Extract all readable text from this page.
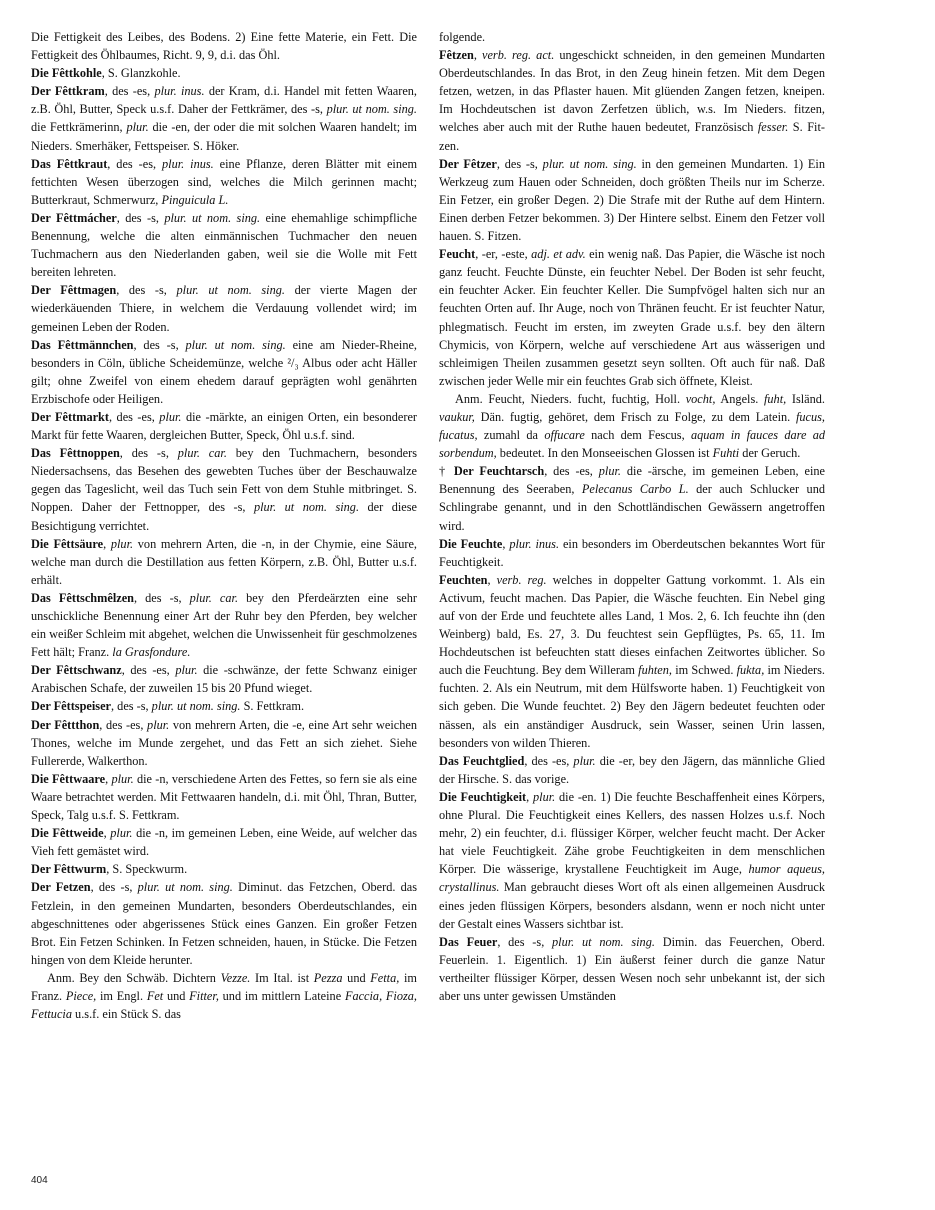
Die Fettigkeit des Leibes, des Bodens. 2) Eine fette Materie, ein Fett. Die Fettigkeit des Öhlbaumes, Richt. 9, 9, d.i. das Öhl.

Die Fêttkohle, S. Glanzkohle.

Der Fêttkram, des -es, plur. inus. der Kram, d.i. Handel mit fetten Waaren, z.B. Öhl, Butter, Speck u.s.f. Daher der Fettkrämer, des -s, plur. ut nom. sing. die Fettkrämerinn, plur. die -en, der oder die mit solchen Waaren handelt; im Nieders. Smerhäker, Fettspeiser. S. Höker.

Das Fêttkraut, des -es, plur. inus. eine Pflanze, deren Blätter mit einem fettichten Wesen überzogen sind, welches die Milch gerinnen macht; Butterkraut, Schmerwurz, Pinguicula L.

Der Fêttmácher, des -s, plur. ut nom. sing. eine ehemahlige schimpfliche Benennung, welche die alten einmännischen Tuchmacher den neuen Tuchmachern aus den Niederlanden gaben, weil sie die Wolle mit Fett bereiten lehreten.

Der Fêttmagen, des -s, plur. ut nom. sing. der vierte Magen der wiederkäuenden Thiere, in welchem die Verdauung vollendet wird; im gemeinen Leben der Roden.

Das Fêttmännchen, des -s, plur. ut nom. sing. eine am Nieder-Rheine, besonders in Cöln, übliche Scheidemünze, welche ²/₃ Albus oder acht Häller gilt; ohne Zweifel von einem ehedem darauf geprägten wohl genährten Erzbischofe oder Heiligen.

Der Fêttmarkt, des -es, plur. die -märkte, an einigen Orten, ein besonderer Markt für fette Waaren, dergleichen Butter, Speck, Öhl u.s.f. sind.

Das Fêttnoppen, des -s, plur. car. bey den Tuchmachern, besonders Niedersachsens, das Besehen des gewebten Tuches über der Beschauwalze gegen das Tageslicht, weil das Tuch sein Fett von dem Stuhle mitbringet. S. Noppen. Daher der Fettnopper, des -s, plur. ut nom. sing. der diese Besichtigung verrichtet.

Die Fêttsäure, plur. von mehrern Arten, die -n, in der Chymie, eine Säure, welche man durch die Destillation aus fetten Körpern, z.B. Öhl, Butter u.s.f. erhält.

Das Fêttschmêlzen, des -s, plur. car. bey den Pferdeärzten eine sehr unschickliche Benennung einer Art der Ruhr bey den Pferden, bey welcher ein weißer Schleim mit abgehet, welchen die Unwissenheit für geschmolzenes Fett hält; Franz. la Grasfondure.

Der Fêttschwanz, des -es, plur. die -schwänze, der fette Schwanz einiger Arabischen Schafe, der zuweilen 15 bis 20 Pfund wieget.

Der Fêttspeiser, des -s, plur. ut nom. sing. S. Fettkram.

Der Fêttthon, des -es, plur. von mehrern Arten, die -e, eine Art sehr weichen Thones, welche im Munde zergehet, und das Fett an sich ziehet. Siehe Fullererde, Walkerthon.

Die Fêttwaare, plur. die -n, verschiedene Arten des Fettes, so fern sie als eine Waare betrachtet werden. Mit Fettwaaren handeln, d.i. mit Öhl, Thran, Butter, Speck, Talg u.s.f. S. Fettkram.

Die Fêttweide, plur. die -n, im gemeinen Leben, eine Weide, auf welcher das Vieh fett gemästet wird.

Der Fêttwurm, S. Speckwurm.

Der Fetzen, des -s, plur. ut nom. sing. Diminut. das Fetzchen, Oberd. das Fetzlein, in den gemeinen Mundarten, besonders Oberdeutschlandes, ein abgeschnittenes oder abgerissenes Stück eines Ganzen. Ein großer Fetzen Brot. Ein Fetzen Schinken. In Fetzen schneiden, hauen, in Stücke. Die Fetzen hingen von dem Kleide herunter.

Anm. Bey den Schwäb. Dichtern Vezze. Im Ital. ist Pezza und Fetta, im Franz. Piece, im Engl. Fet und Fitter, und im mittlern Lateine Faccia, Fioza, Fettucia u.s.f. ein Stück S. das

folgende.

Fêtzen, verb. reg. act. ungeschickt schneiden, in den gemeinen Mundarten Oberdeutschlandes. In das Brot, in den Zeug hinein fetzen. Mit dem Degen fetzen, wetzen, in das Pflaster hauen. Mit glüenden Zangen fetzen, kneipen. Im Hochdeutschen ist davon Zerfetzen üblich, w.s. Im Nieders. fitzen, welches aber auch mit der Ruthe hauen bedeutet, Französisch fesser. S. Fitzen.

Der Fêtzer, des -s, plur. ut nom. sing. in den gemeinen Mundarten. 1) Ein Werkzeug zum Hauen oder Schneiden, doch größten Theils nur im Scherze. Ein Fetzer, ein großer Degen. 2) Die Strafe mit der Ruthe auf dem Hintern. Einen derben Fetzer bekommen. 3) Der Hintere selbst. Einem den Fetzer voll hauen. S. Fitzen.

Feucht, -er, -este, adj. et adv. ein wenig naß. Das Papier, die Wäsche ist noch ganz feucht. Feuchte Dünste, ein feuchter Nebel. Der Boden ist sehr feucht, ein feuchter Acker. Ein feuchter Keller. Die Sumpfvögel halten sich nur an feuchten Orten auf. Ihr Auge, noch von Thränen feucht. Er ist feuchter Natur, phlegmatisch. Feucht im ersten, im zweyten Grade u.s.f. bey den ältern Chymicis, von Körpern, welche auf verschiedene Art aus wässerigen und schleimigen Theilen zusammen gesetzt seyn sollten. Oft auch für naß. Daß zwischen jeder Welle mir ein feuchtes Grab sich öffnete, Kleist.

Anm. Feucht, Nieders. fucht, fuchtig, Holl. vocht, Angels. fuht, Isländ. vaukur, Dän. fugtig, gehöret, dem Frisch zu Folge, zu dem Latein. fucus, fucatus, zumahl da offucare nach dem Fescus, aquam in fauces dare ad sorbendum, bedeutet. In den Monseeischen Glossen ist Fuhti der Geruch.

† Der Feuchtarsch, des -es, plur. die -ärsche, im gemeinen Leben, eine Benennung des Seeraben, Pelecanus Carbo L. der auch Schlucker und Schlingrabe genannt, und in den Schottländischen Gewässern angetroffen wird.

Die Feuchte, plur. inus. ein besonders im Oberdeutschen bekanntes Wort für Feuchtigkeit.

Feuchten, verb. reg. welches in doppelter Gattung vorkommt. 1. Als ein Activum, feucht machen. Das Papier, die Wäsche feuchten. Ein Nebel ging auf von der Erde und feuchtete alles Land, 1 Mos. 2, 6. Ich feuchte ihn (den Weinberg) bald, Es. 27, 3. Du feuchtest sein Gepflügtes, Ps. 65, 11. Im Hochdeutschen ist befeuchten statt dieses einfachen Zeitwortes üblicher. So auch die Feuchtung. Bey dem Willeram fuhten, im Schwed. fukta, im Nieders. fuchten. 2. Als ein Neutrum, mit dem Hülfsworte haben. 1) Feuchtigkeit von sich geben. Die Wunde feuchtet. 2) Bey den Jägern bedeutet feuchten oder nässen, als ein anständiger Ausdruck, sein Wasser, seinen Urin lassen, besonders von wilden Thieren.

Das Feuchtglied, des -es, plur. die -er, bey den Jägern, das männliche Glied der Hirsche. S. das vorige.

Die Feuchtigkeit, plur. die -en. 1) Die feuchte Beschaffenheit eines Körpers, ohne Plural. Die Feuchtigkeit eines Kellers, des nassen Holzes u.s.f. Noch mehr, 2) ein feuchter, d.i. flüssiger Körper, welcher feucht macht. Der Acker hat viele Feuchtigkeit. Zähe grobe Feuchtigkeiten in dem menschlichen Körper. Die wässerige, krystallene Feuchtigkeit im Auge, humor aqueus, crystallinus. Man gebraucht dieses Wort oft als einen allgemeinen Ausdruck eines jeden flüssigen Körpers, besonders alsdann, wenn er noch nicht unter der Gestalt eines Wassers sichtbar ist.

Das Feuer, des -s, plur. ut nom. sing. Dimin. das Feuerchen, Oberd. Feuerlein. 1. Eigentlich. 1) Ein äußerst feiner durch die ganze Natur vertheilter flüssiger Körper, dessen Wesen noch sehr unbekannt ist, der sich aber uns unter gewissen Umständen

404
